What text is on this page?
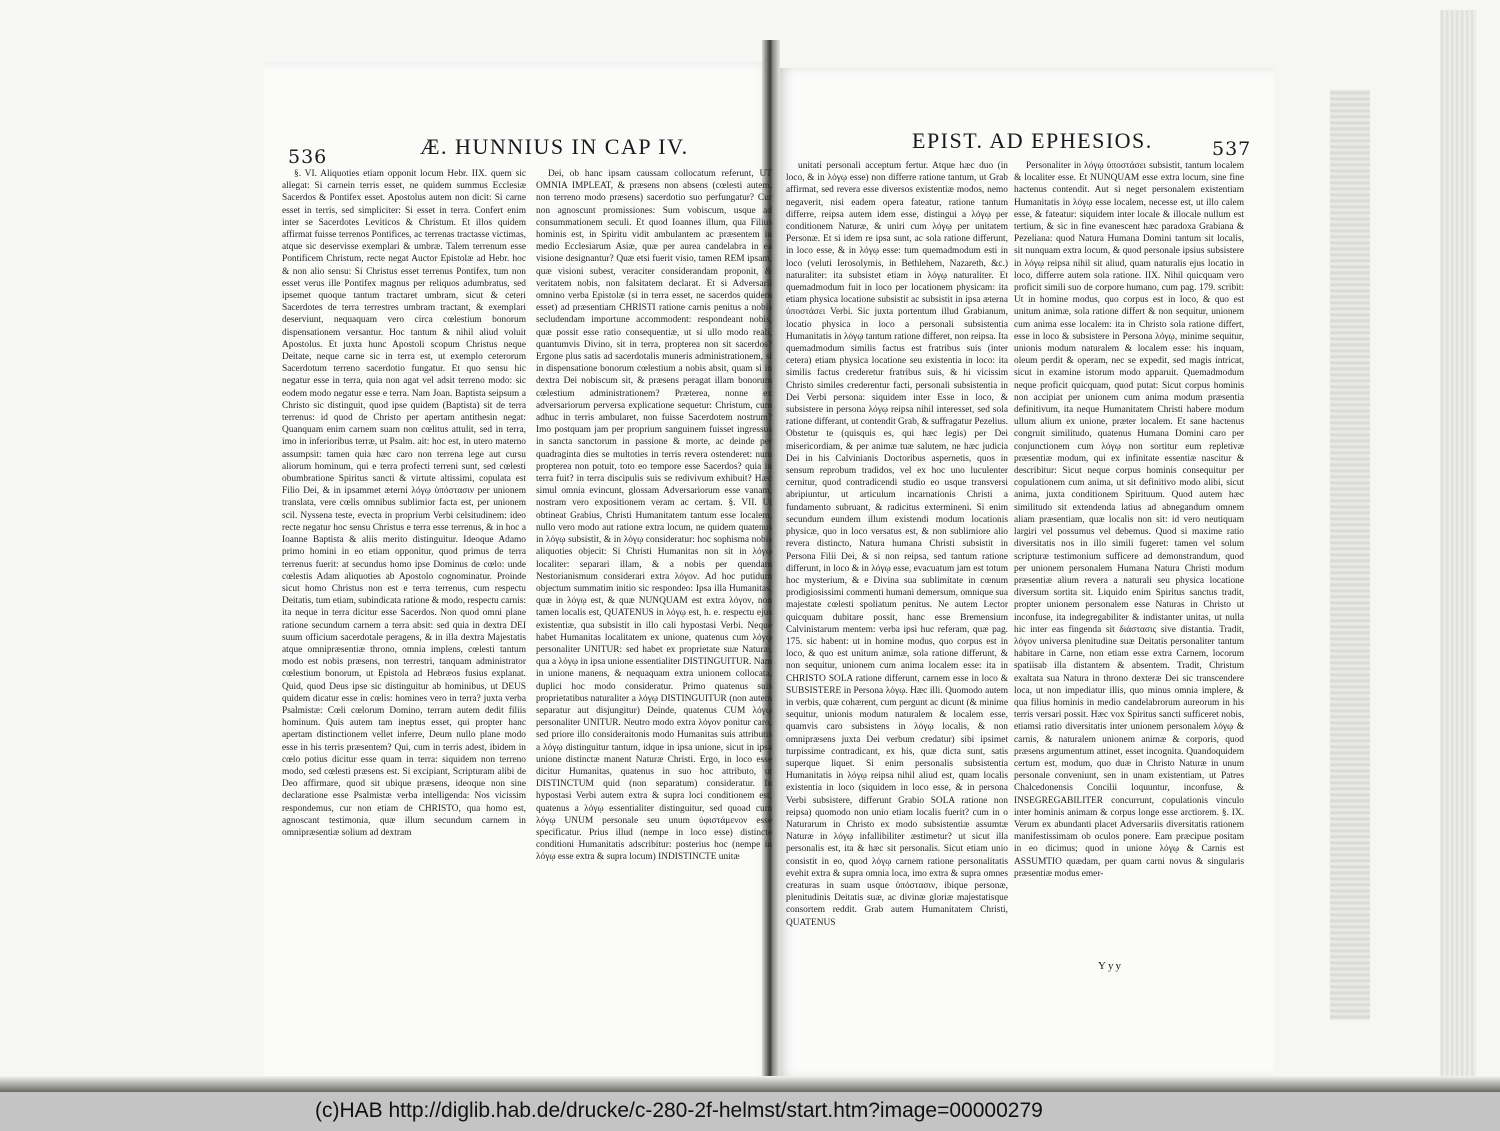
536	Æ. HUNNIUS IN CAP IV.

§. VI. Aliquoties etiam opponit locum Hebr. IIX. quem sic allegat: Si carnein terris esset, ne quidem summus Ecclesiæ Sacerdos & Pontifex esset. Apostolus autem non dicit: Si carne esset in terris, sed simpliciter: Si esset in terra. Confert enim inter se Sacerdotes Leviticos & Christum. Et illos quidem affirmat fuisse terrenos Pontifices, ac terrenas tractasse victimas, atque sic deservisse exemplari & umbræ. Talem terrenum esse Pontificem Christum, recte negat Auctor Epistolæ ad Hebr. hoc & non alio sensu: Si Christus esset terrenus Pontifex, tum non esset verus ille Pontifex magnus per reliquos adumbratus, sed ipsemet quoque tantum tractaret umbram, sicut & ceteri Sacerdotes de terra terrestres umbram tractant, & exemplari deserviunt, nequaquam vero circa cœlestium bonorum dispensationem versantur. Hoc tantum & nihil aliud voluit Apostolus. Et juxta hunc Apostoli scopum Christus neque Deitate, neque carne sic in terra est, ut exemplo ceterorum Sacerdotum terreno sacerdotio fungatur. Et quo sensu hic negatur esse in terra, quia non agat vel adsit terreno modo: sic eodem modo negatur esse e terra. Nam Joan. Baptista seipsum a Christo sic distinguit, quod ipse quidem (Baptista) sit de terra terrenus: id quod de Christo per apertam antithesin negat: Quanquam enim carnem suam non cœlitus attulit, sed in terra, imo in inferioribus terræ, ut Psalm. ait: hoc est, in utero materno assumpsit: tamen quia hæc caro non terrena lege aut cursu aliorum hominum, qui e terra profecti terreni sunt, sed cœlesti obumbratione Spiritus sancti & virtute altissimi, copulata est Filio Dei, & in ipsammet æterni λόγῳ ὑπόστασιν per unionem translata, vere cœlis omnibus sublimior facta est, per unionem scil. Nyssena teste, evecta in proprium Verbi celsitudinem: ideo recte negatur hoc sensu Christus e terra esse terrenus, & in hoc a Ioanne Baptista & aliis merito distinguitur. Ideoque Adamo primo homini in eo etiam opponitur, quod primus de terra terrenus fuerit: at secundus homo ipse Dominus de cœlo: unde cœlestis Adam aliquoties ab Apostolo cognominatur. Proinde sicut homo Christus non est e terra terrenus, cum respectu Deitatis, tum etiam, subindicata ratione & modo, respectu carnis: ita neque in terra dicitur esse Sacerdos. Non quod omni plane ratione secundum carnem a terra absit: sed quia in dextra DEI suum officium sacerdotale peragens, & in illa dextra Majestatis atque omnipræsentiæ throno, omnia implens, cœlesti tantum modo est nobis præsens, non terrestri, tanquam administrator cœlestium bonorum, ut Epistola ad Hebræos fusius explanat. Quid, quod Deus ipse sic distinguitur ab hominibus, ut DEUS quidem dicatur esse in cœlis: homines vero in terra? juxta verba Psalmistæ: Cœli cœlorum Domino, terram autem dedit filiis hominum. Quis autem tam ineptus esset, qui propter hanc apertam distinctionem vellet inferre, Deum nullo plane modo esse in his terris præsentem? Qui, cum in terris adest, ibidem in cœlo potius dicitur esse quam in terra: siquidem non terreno modo, sed cœlesti præsens est. Si excipiant, Scripturam alibi de Deo affirmare, quod sit ubique præsens, ideoque non sine declaratione esse Psalmistæ verba intelligenda: Nos vicissim respondemus, cur non etiam de CHRISTO, qua homo est, agnoscant testimonia, quæ illum secundum carnem in omnipræsentiæ solium ad dextram

Dei, ob hanc ipsam caussam collocatum referunt, UT OMNIA IMPLEAT, & præsens non absens (cœlesti autem, non terreno modo præsens) sacerdotio suo perfungatur? Cur non agnoscunt promissiones: Sum vobiscum, usque ad consummationem seculi. Et quod Ioannes illum, qua Filius hominis est, in Spiritu vidit ambulantem ac præsentem in medio Ecclesiarum Asiæ, quæ per aurea candelabra in ea visione designantur? Quæ etsi fuerit visio, tamen REM ipsam, quæ visioni subest, veraciter considerandam proponit, & veritatem nobis, non falsitatem declarat. Et si Adversarii omnino verba Epistolæ (si in terra esset, ne sacerdos quidem esset) ad præsentiam CHRISTI ratione carnis penitus a nobis secludendam importune accommodent: respondeant nobis, quæ possit esse ratio consequentiæ, ut si ullo modo reali, quantumvis Divino, sit in terra, propterea non sit sacerdos? Ergone plus satis ad sacerdotalis muneris administrationem, si in dispensatione bonorum cœlestium a nobis absit, quam si in dextra Dei nobiscum sit, & præsens peragat illam bonorum cœlestium administrationem? Præterea, nonne ex adversariorum perversa explicatione sequetur: Christum, cum adhuc in terris ambularet, non fuisse Sacerdotem nostrum? Imo postquam jam per proprium sanguinem fuisset ingressus in sancta sanctorum in passione & morte, ac deinde per quadraginta dies se multoties in terris revera ostenderet: num propterea non potuit, toto eo tempore esse Sacerdos? quia in terra fuit? in terra discipulis suis se redivivum exhibuit? Hæc simul omnia evincunt, glossam Adversariorum esse vanam, nostram vero expositionem veram ac certam. §. VII. Ut obtineat Grabius, Christi Humanitatem tantum esse localem, nullo vero modo aut ratione extra locum, ne quidem quatenus in λόγῳ subsistit, & in λόγῳ consideratur: hoc sophisma nobis aliquoties objecit: Si Christi Humanitas non sit in λόγῳ localiter: separari illam, & a nobis per quendam Nestorianismum considerari extra λόγον. Ad hoc putidum objectum summatim initio sic respondeo: Ipsa illa Humanitas, quæ in λόγῳ est, & quæ NUNQUAM est extra λόγον, non tamen localis est, QUATENUS in λόγῳ est, h. e. respectu ejus existentiæ, qua subsistit in illo cali hypostasi Verbi. Neque habet Humanitas localitatem ex unione, quatenus cum λόγῳ personaliter UNITUR: sed habet ex proprietate suæ Naturæ, qua a λόγῳ in ipsa unione essentialiter DISTINGUITUR. Nam in unione manens, & nequaquam extra unionem collocata, duplici hoc modo consideratur. Primo quatenus suis proprietatibus naturaliter a λόγῳ DISTINGUITUR (non autem separatur aut disjungitur) Deinde, quatenus CUM λόγῳ personaliter UNITUR. Neutro modo extra λόγον ponitur caro, sed priore illo consideraitonis modo Humanitas suis attributis a λόγῳ distinguitur tantum, idque in ipsa unione, sicut in ipsa unione distinctæ manent Naturæ Christi. Ergo, in loco esse dicitur Humanitas, quatenus in suo hoc attributo, ut DISTINCTUM quid (non separatum) consideratur. In hypostasi Verbi autem extra & supra loci conditionem est, quatenus a λόγῳ essentialiter distinguitur, sed quoad cum λόγῳ UNUM personale seu unum ὑφιστάμενον esse specificatur. Prius illud (nempe in loco esse) distincte conditioni Humanitatis adscribitur: posterius hoc (nempe in λόγῳ esse extra & supra locum) INDISTINCTE unitæ

EPIST. AD EPHESIOS.	537

unitati personali acceptum fertur. Atque hæc duo (in loco, & in λόγῳ esse) non differre ratione tantum, ut Grab affirmat, sed revera esse diversos existentiæ modos, nemo negaverit, nisi eadem opera fateatur, ratione tantum differre, reipsa autem idem esse, distingui a λόγῳ per conditionem Naturæ, & uniri cum λόγῳ per unitatem Personæ. Et si idem re ipsa sunt, ac sola ratione differunt, in loco esse, & in λόγῳ esse: tum quemadmodum esti in loco (veluti Ierosolymis, in Bethlehem, Nazareth, &c.) naturaliter: ita subsistet etiam in λόγῳ naturaliter. Et quemadmodum fuit in loco per locationem physicam: ita etiam physica locatione subsistit ac subsistit in ipsa æterna ὑποστάσει Verbi. Sic juxta portentum illud Grabianum, locatio physica in loco a personali subsistentia Humanitatis in λόγῳ tantum ratione differet, non reipsa. Ita quemadmodum similis factus est fratribus suis (inter cetera) etiam physica locatione seu existentia in loco: ita similis factus crederetur fratribus suis, & hi vicissim Christo similes crederentur facti, personali subsistentia in Dei Verbi persona: siquidem inter Esse in loco, & subsistere in persona λόγῳ reipsa nihil interesset, sed sola ratione differant, ut contendit Grab, & suffragatur Pezelius. Obstetur te (quisquis es, qui hæc legis) per Dei misericordiam, & per animæ tuæ salutem, ne hæc judicia Dei in his Calvinianis Doctoribus aspernetis, quos in sensum reprobum tradidos, vel ex hoc uno luculenter cernitur, quod contradicendi studio eo usque transversi abripiuntur, ut articulum incarnationis Christi a fundamento subruant, & radicitus extermineni. Si enim secundum eundem illum existendi modum locationis physicæ, quo in loco versatus est, & non sublimiore alio revera distincto, Natura humana Christi subsistit in Persona Filii Dei, & si non reipsa, sed tantum ratione differunt, in loco & in λόγῳ esse, evacuatum jam est totum hoc mysterium, & e Divina sua sublimitate in cœnum prodigiosissimi commenti humani demersum, omnique sua majestate cœlesti spoliatum penitus. Ne autem Lector quicquam dubitare possit, hanc esse Bremensium Calvinistarum mentem: verba ipsi huc referam, quæ pag. 175. sic habent: ut in homine modus, quo corpus est in loco, & quo est unitum animæ, sola ratione differunt, & non sequitur, unionem cum anima localem esse: ita in CHRISTO SOLA ratione differunt, carnem esse in loco & SUBSISTERE in Persona λόγῳ. Hæc illi. Quomodo autem in verbis, quæ cohærent, cum pergunt ac dicunt (& minime sequitur, unionis modum naturalem & localem esse, quamvis caro subsistens in λόγῳ localis, & non omnipræsens juxta Dei verbum credatur) sibi ipsimet turpissime contradicant, ex his, quæ dicta sunt, satis superque liquet. Si enim personalis subsistentia Humanitatis in λόγῳ reipsa nihil aliud est, quam localis existentia in loco (siquidem in loco esse, & in persona Verbi subsistere, differunt Grabio SOLA ratione non reipsa) quomodo non unio etiam localis fuerit? cum in o Naturarum in Christo ex modo subsistentiæ assumtæ Naturæ in λόγῳ infallibiliter æstimetur? ut sicut illa personalis est, ita & hæc sit personalis. Sicut etiam unio consistit in eo, quod λόγῳ carnem ratione personalitatis evehit extra & supra omnia loca, imo extra & supra omnes creaturas in suam usque ὑπόστασιν, ibique personæ, plenitudinis Deitatis suæ, ac divinæ gloriæ majestatisque consortem reddit. Grab autem Humanitatem Christi, QUATENUS

Personaliter in λόγῳ ὑποστάσει subsistit, tantum localem & localiter esse. Et NUNQUAM esse extra locum, sine fine hactenus contendit. Aut si neget personalem existentiam Humanitatis in λόγῳ esse localem, necesse est, ut illo calem esse, & fateatur: siquidem inter locale & illocale nullum est tertium, & sic in fine evanescent hæc paradoxa Grabiana & Pezeliana: quod Natura Humana Domini tantum sit localis, sit nunquam extra locum, & quod personale ipsius subsistere in λόγῳ reipsa nihil sit aliud, quam naturalis ejus locatio in loco, differre autem sola ratione. IIX. Nihil quicquam vero proficit simili suo de corpore humano, cum pag. 179. scribit: Ut in homine modus, quo corpus est in loco, & quo est unitum animæ, sola ratione differt & non sequitur, unionem cum anima esse localem: ita in Christo sola ratione differt, esse in loco & subsistere in Persona λόγῳ, minime sequitur, unionis modum naturalem & localem esse: his inquam, oleum perdit & operam, nec se expedit, sed magis intricat, sicut in examine istorum modo apparuit. Quemadmodum neque proficit quicquam, quod putat: Sicut corpus hominis non accipiat per unionem cum anima modum præsentia definitivum, ita neque Humanitatem Christi habere modum ullum alium ex unione, præter localem. Et sane hactenus congruit similitudo, quatenus Humana Domini caro per conjunctionem cum λόγῳ non sortitur eum repletivæ præsentiæ modum, qui ex infinitate essentiæ nascitur & describitur: Sicut neque corpus hominis consequitur per copulationem cum anima, ut sit definitivo modo alibi, sicut anima, juxta conditionem Spirituum. Quod autem hæc similitudo sit extendenda latius ad abnegandum omnem aliam præsentiam, quæ localis non sit: id vero neutiquam largiri vel possumus vel debemus. Quod si maxime ratio diversitatis nos in illo simili fugeret: tamen vel solum scripturæ testimonium sufficere ad demonstrandum, quod per unionem personalem Humana Natura Christi modum præsentiæ alium revera a naturali seu physica locatione diversum sortita sit. Liquido enim Spiritus sanctus tradit, propter unionem personalem esse Naturas in Christo ut inconfuse, ita indegregabiliter & indistanter unitas, ut nulla hic inter eas fingenda sit διάστασις sive distantia. Tradit, λόγον universa plenitudine suæ Deitatis personaliter tantum habitare in Carne, non etiam esse extra Carnem, locorum spatiisab illa distantem & absentem. Tradit, Christum exaltata sua Natura in throno dexteræ Dei sic transcendere loca, ut non impediatur illis, quo minus omnia implere, & qua filius hominis in medio candelabrorum aureorum in his terris versari possit. Hæc vox Spiritus sancti sufficeret nobis, etiamsi ratio diversitatis inter unionem personalem λόγῳ & carnis, & naturalem unionem animæ & corporis, quod præsens argumentum attinet, esset incognita. Quandoquidem certum est, modum, quo duæ in Christo Naturæ in unum personale conveniunt, sen in unam existentiam, ut Patres Chalcedonensis Concilii loquuntur, inconfuse, & INSEGREGABILITER concurrunt, copulationis vinculo inter hominis animam & corpus longe esse arctiorem. §. IX. Verum ex abundanti placet Adversariis diversitatis rationem manifestissimam ob oculos ponere. Eam præcipue positam in eo dicimus; quod in unione λόγῳ & Carnis est ASSUMTIO quædam, per quam carni novus & singularis præsentiæ modus emer-

Yyy
(c)HAB http://diglib.hab.de/drucke/c-280-2f-helmst/start.htm?image=00000279
